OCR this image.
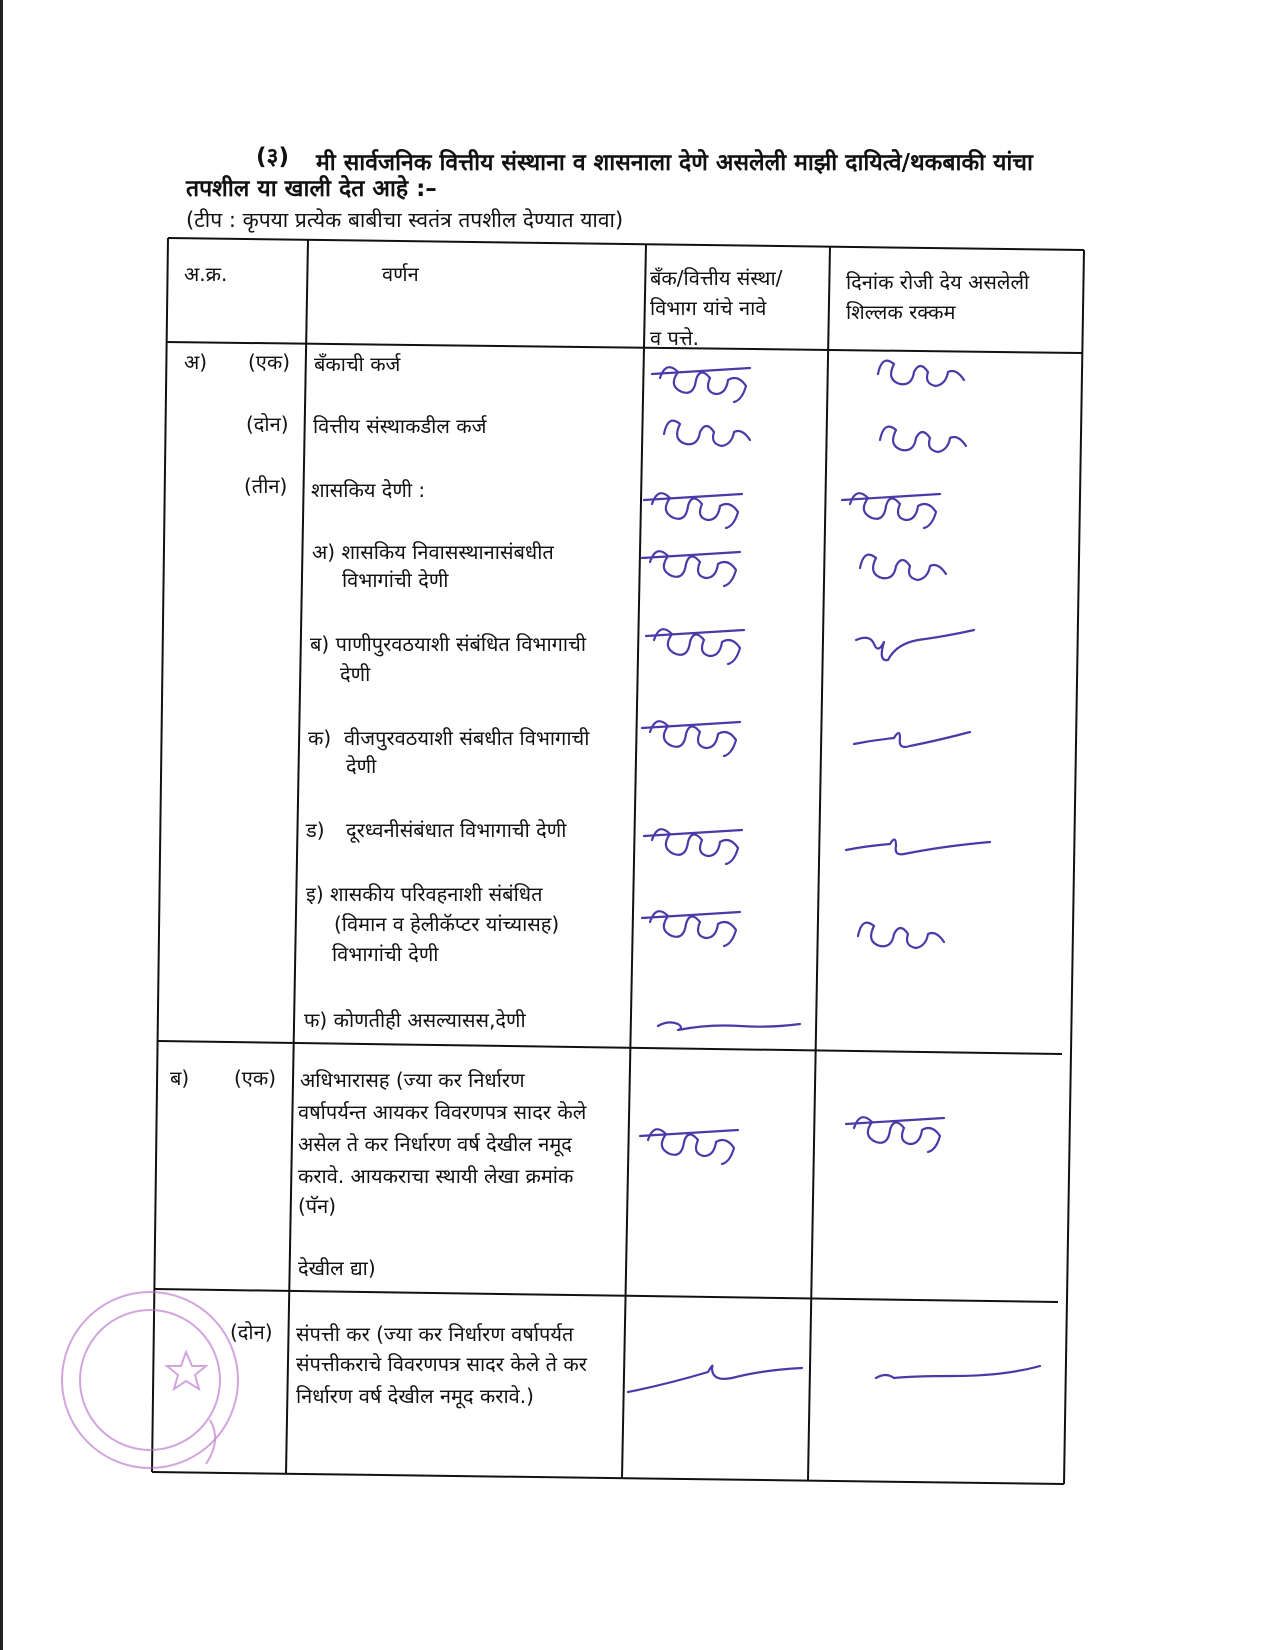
(३) मी सार्वजनिक वित्तीय संस्थाना व शासनाला देणे असलेली माझी दायित्वे/थकबाकी यांचा
तपशील या खाली देत आहे :–
(टीप : कृपया प्रत्येक बाबीचा स्वतंत्र तपशील देण्यात यावा)
अ.क्र.	वर्णन	बॅंक/वित्तीय संस्था/
विभाग यांचे नावे
व पत्ते.
दिनांक रोजी देय असलेली
शिल्लक रक्कम
अ) (एक) बॅंकाची कर्ज
(दोन) वित्तीय संस्थाकडील कर्ज
(तीन) शासकिय देणी :
अ) शासकिय निवासस्थानासंबधीत
विभागांची देणी
ब) पाणीपुरवठयाशी संबंधित विभागाची
देणी
क) वीजपुरवठयाशी संबधीत विभागाची
देणी
ड) दूरध्वनीसंबंधात विभागाची देणी
इ) शासकीय परिवहनाशी संबंधित
(विमान व हेलीकॅप्टर यांच्यासह)
विभागांची देणी
फ) कोणतीही असल्यासस,देणी
ब) (एक) अधिभारासह (ज्या कर निर्धारण
वर्षापर्यन्त आयकर विवरणपत्र सादर केले
असेल ते कर निर्धारण वर्ष देखील नमूद
करावे. आयकराचा स्थायी लेखा क्रमांक
(पॅन)
देखील द्या)
(दोन) संपत्ती कर (ज्या कर निर्धारण वर्षापर्यत
संपत्तीकराचे विवरणपत्र सादर केले ते कर
निर्धारण वर्ष देखील नमूद करावे.)
